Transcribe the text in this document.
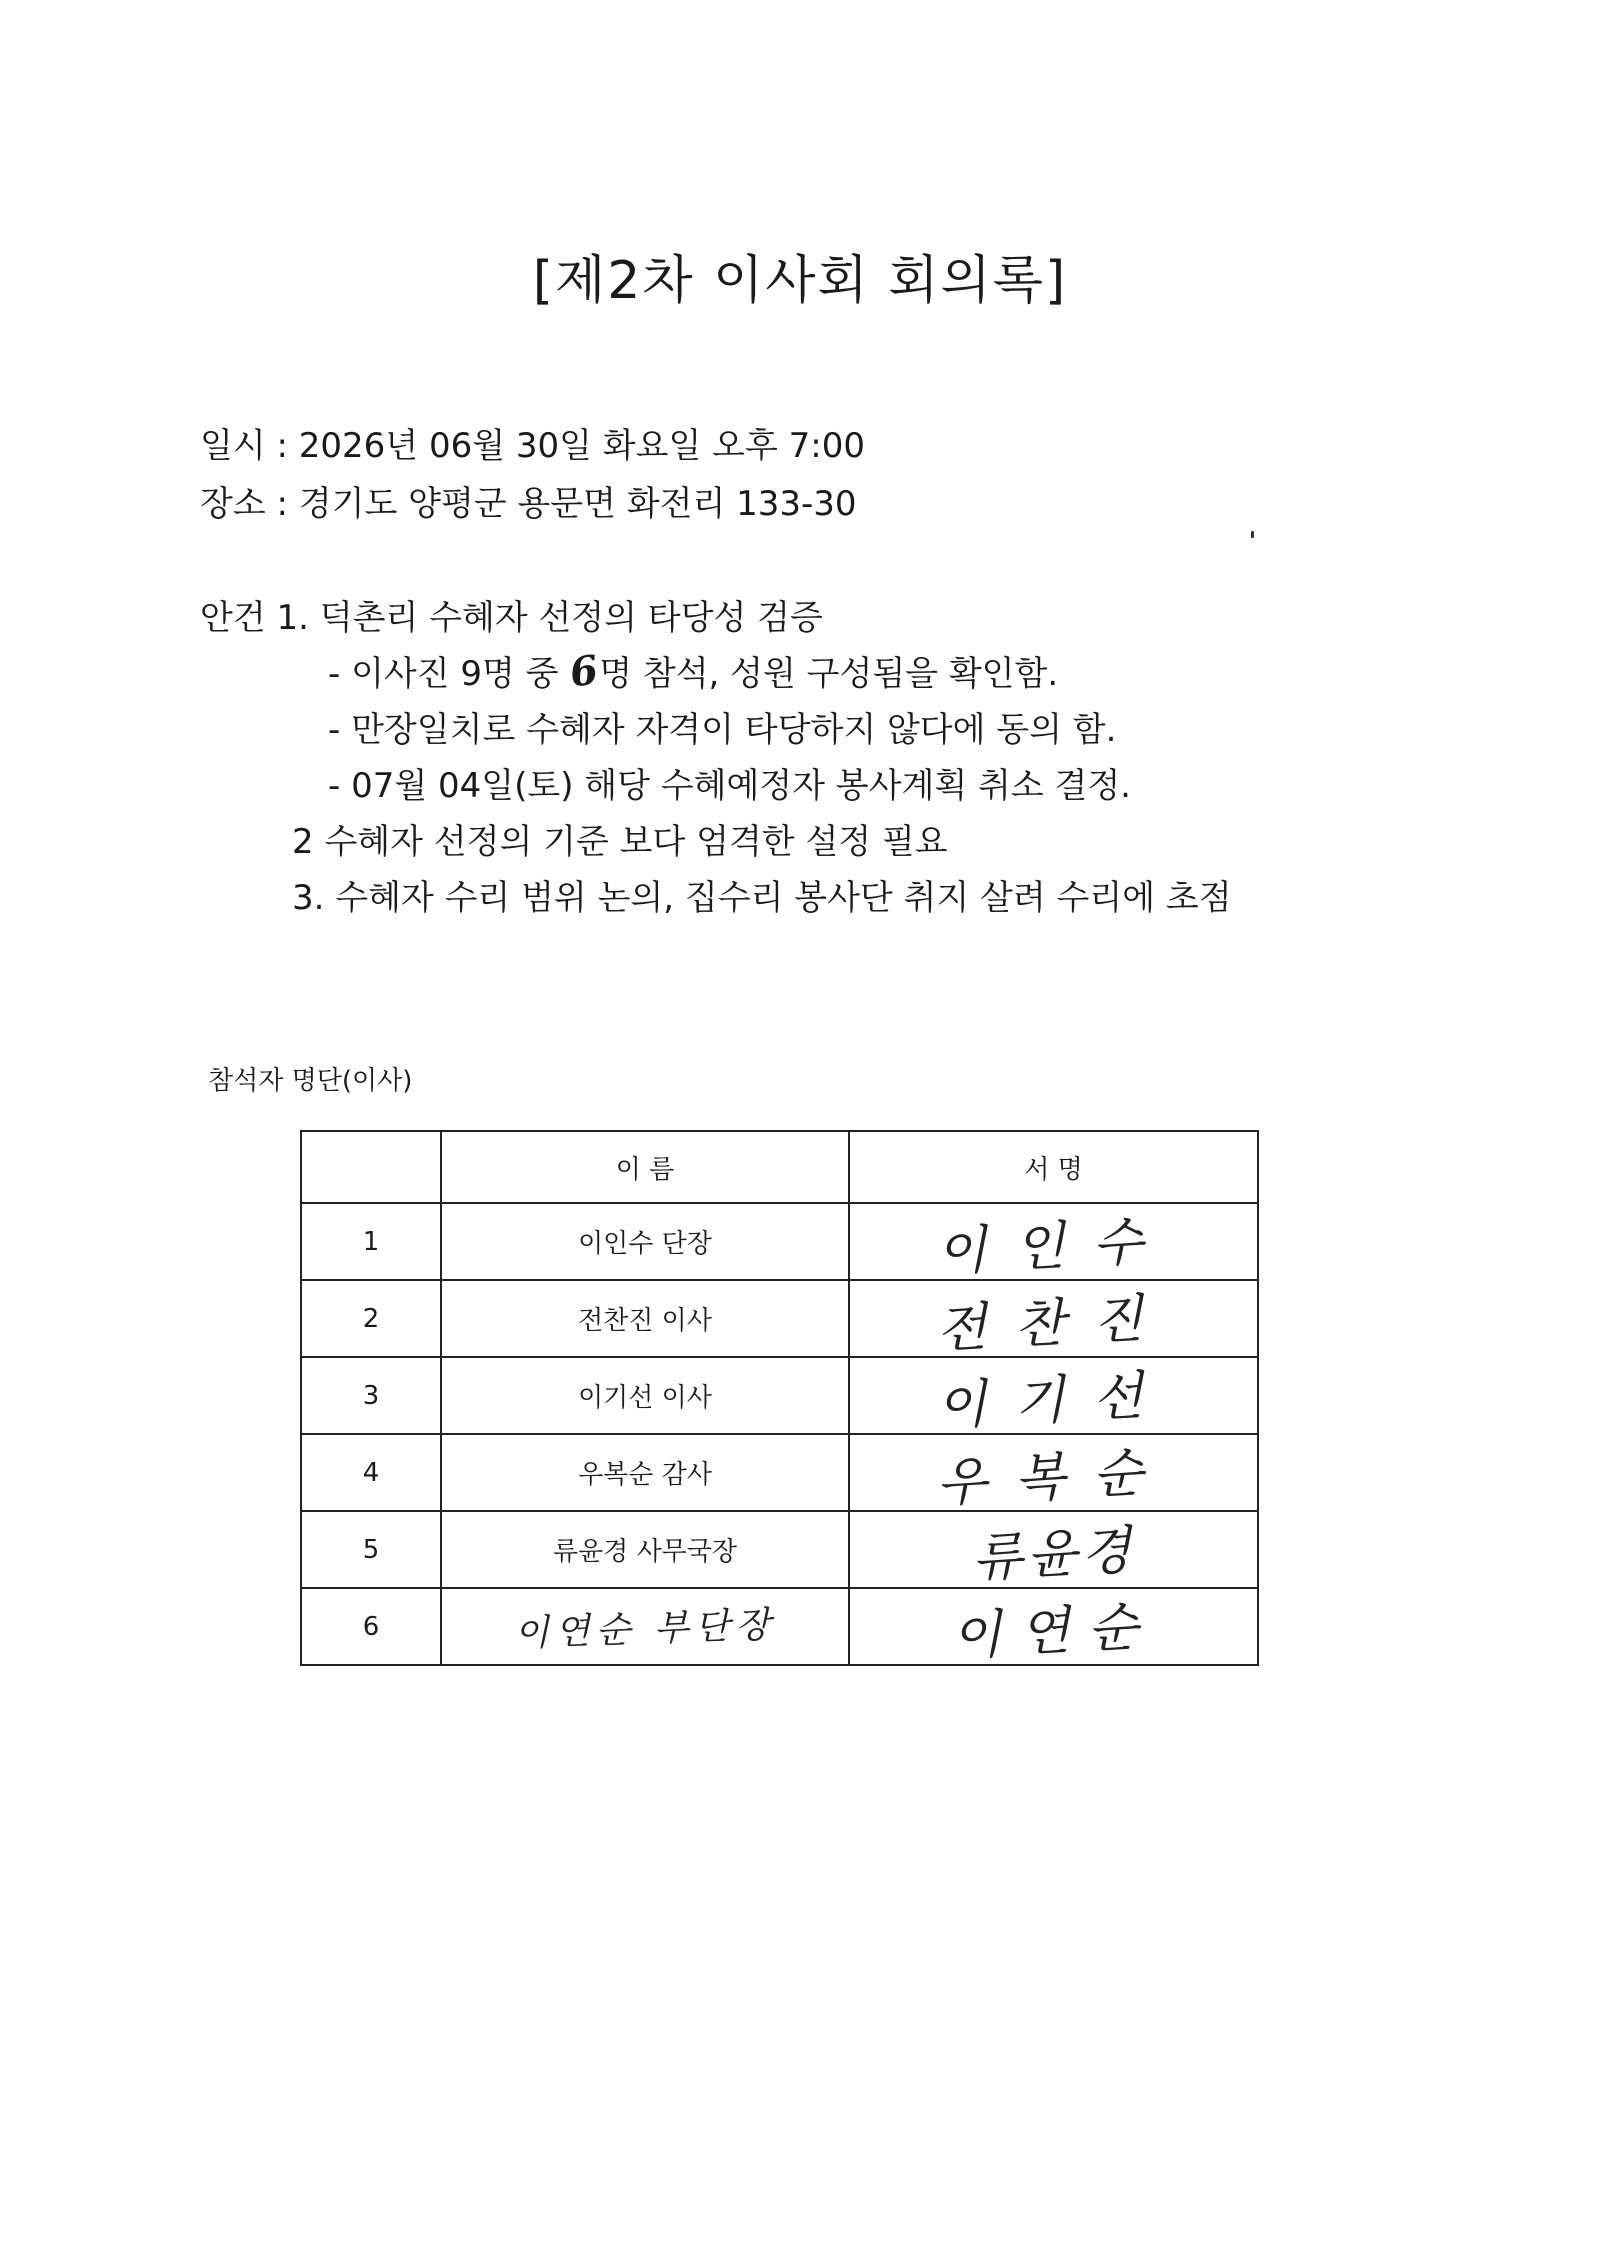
[제2차 이사회 회의록]
일시 : 2026년 06월 30일 화요일 오후 7:00
장소 : 경기도 양평군 용문면 화전리 133-30
안건 1. 덕촌리 수혜자 선정의 타당성 검증
- 이사진 9명 중 6명 참석, 성원 구성됨을 확인함.
- 만장일치로 수혜자 자격이 타당하지 않다에 동의 함.
- 07월 04일(토) 해당 수혜예정자 봉사계획 취소 결정.
2 수혜자 선정의 기준 보다 엄격한 설정 필요
3. 수혜자 수리 범위 논의, 집수리 봉사단 취지 살려 수리에 초점
참석자 명단(이사)
	이 름	서 명
1	이인수 단장	이인수
2	전찬진 이사	전찬진
3	이기선 이사	이기선
4	우복순 감사	우복순
5	류윤경 사무국장	류윤경
6	이연순 부단장	이연순
